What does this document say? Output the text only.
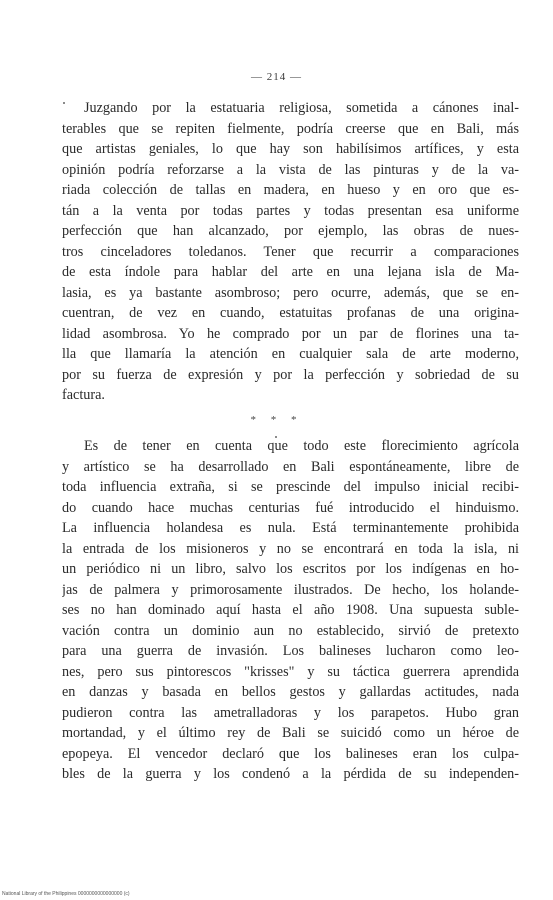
— 214 —
Juzgando por la estatuaria religiosa, sometida a cánones inal-
terables que se repiten fielmente, podría creerse que en Bali, más
que artistas geniales, lo que hay son habilísimos artífices, y esta
opinión podría reforzarse a la vista de las pinturas y de la va-
riada colección de tallas en madera, en hueso y en oro que es-
tán a la venta por todas partes y todas presentan esa uniforme
perfección que han alcanzado, por ejemplo, las obras de nues-
tros cinceladores toledanos. Tener que recurrir a comparaciones
de esta índole para hablar del arte en una lejana isla de Ma-
lasia, es ya bastante asombroso; pero ocurre, además, que se en-
cuentran, de vez en cuando, estatuitas profanas de una origina-
lidad asombrosa. Yo he comprado por un par de florines una ta-
lla que llamaría la atención en cualquier sala de arte moderno,
por su fuerza de expresión y por la perfección y sobriedad de su
factura.
* * *
Es de tener en cuenta que todo este florecimiento agrícola
y artístico se ha desarrollado en Bali espontáneamente, libre de
toda influencia extraña, si se prescinde del impulso inicial recibi-
do cuando hace muchas centurias fué introducido el hinduismo.
La influencia holandesa es nula. Está terminantemente prohibida
la entrada de los misioneros y no se encontrará en toda la isla, ni
un periódico ni un libro, salvo los escritos por los indígenas en ho-
jas de palmera y primorosamente ilustrados. De hecho, los holande-
ses no han dominado aquí hasta el año 1908. Una supuesta suble-
vación contra un dominio aun no establecido, sirvió de pretexto
para una guerra de invasión. Los balineses lucharon como leo-
nes, pero sus pintorescos "krisses" y su táctica guerrera aprendida
en danzas y basada en bellos gestos y gallardas actitudes, nada
pudieron contra las ametralladoras y los parapetos. Hubo gran
mortandad, y el último rey de Bali se suicidó como un héroe de
epopeya. El vencedor declaró que los balineses eran los culpa-
bles de la guerra y los condenó a la pérdida de su independen-
National Library of the Philippines 0000000000000000 (c)
